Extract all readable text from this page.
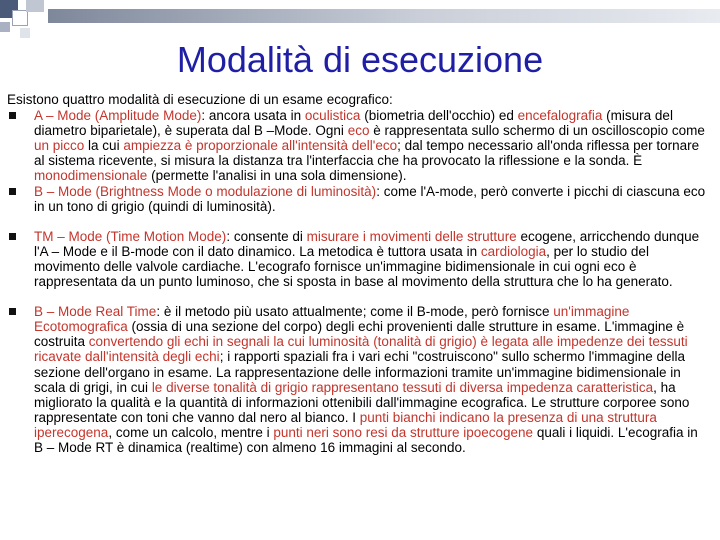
Modalità di esecuzione
Esistono quattro modalità di esecuzione di un esame ecografico:
A – Mode (Amplitude Mode): ancora usata in oculistica (biometria dell'occhio) ed encefalografia (misura del diametro biparietale), è superata dal B –Mode. Ogni eco è rappresentata sullo schermo di un oscilloscopio come un picco la cui ampiezza è proporzionale all'intensità dell'eco; dal tempo necessario all'onda riflessa per tornare al sistema ricevente, si misura la distanza tra l'interfaccia che ha provocato la riflessione e la sonda. È monodimensionale (permette l'analisi in una sola dimensione).
B – Mode (Brightness Mode o modulazione di luminosità): come l'A-mode, però converte i picchi di ciascuna eco in un tono di grigio (quindi di luminosità).
TM – Mode (Time Motion Mode): consente di misurare i movimenti delle strutture ecogene, arricchendo dunque l'A – Mode e il B-mode con il dato dinamico. La metodica è tuttora usata in cardiologia, per lo studio del movimento delle valvole cardiache. L'ecografo fornisce un'immagine bidimensionale in cui ogni eco è rappresentata da un punto luminoso, che si sposta in base al movimento della struttura che lo ha generato.
B – Mode Real Time: è il metodo più usato attualmente; come il B-mode, però fornisce un'immagine Ecotomografica (ossia di una sezione del corpo) degli echi provenienti dalle strutture in esame. L'immagine è costruita convertendo gli echi in segnali la cui luminosità (tonalità di grigio) è legata alle impedenze dei tessuti ricavate dall'intensità degli echi; i rapporti spaziali fra i vari echi "costruiscono" sullo schermo l'immagine della sezione dell'organo in esame. La rappresentazione delle informazioni tramite un'immagine bidimensionale in scala di grigi, in cui le diverse tonalità di grigio rappresentano tessuti di diversa impedenza caratteristica, ha migliorato la qualità e la quantità di informazioni ottenibili dall'immagine ecografica. Le strutture corporee sono rappresentate con toni che vanno dal nero al bianco. I punti bianchi indicano la presenza di una struttura iperecogena, come un calcolo, mentre i punti neri sono resi da strutture ipoecogene quali i liquidi. L'ecografia in B – Mode RT è dinamica (realtime) con almeno 16 immagini al secondo.
